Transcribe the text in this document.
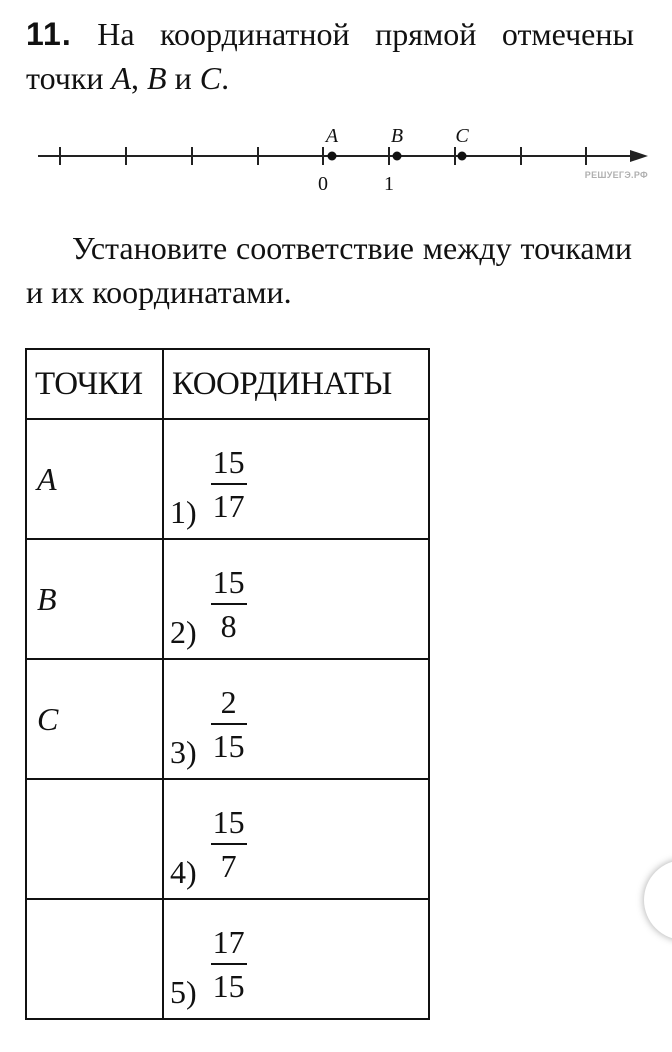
11. На координатной прямой отмечены точки A, B и C.

A	B	C
0	1	РЕШУЕГЭ.РФ

Установите соответствие между точками и их координатами.

ТОЧКИ	КООРДИНАТЫ
A	$1) \frac{15}{17}$

B	$2) \frac{15}{8}$

C	$3) \frac{2}{15}$

	$4) \frac{15}{7}$

	$5) \frac{17}{15}$
